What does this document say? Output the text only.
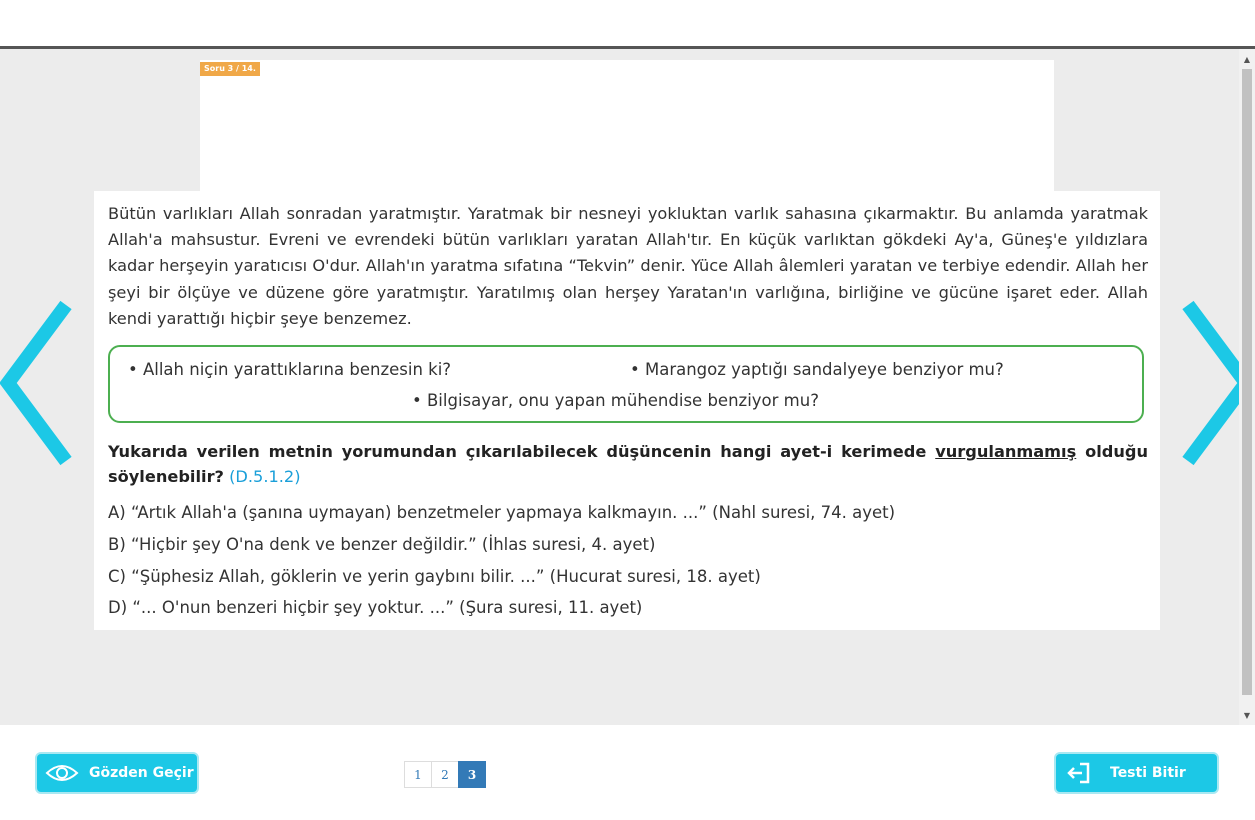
Soru 3 / 14.

Bütün varlıkları Allah sonradan yaratmıştır. Yaratmak bir nesneyi yokluktan varlık sahasına çıkarmaktır. Bu anlamda yaratmak Allah'a mahsustur. Evreni ve evrendeki bütün varlıkları yaratan Allah'tır. En küçük varlıktan gökdeki Ay'a, Güneş'e yıldızlara kadar herşeyin yaratıcısı O'dur. Allah'ın yaratma sıfatına “Tekvin” denir. Yüce Allah âlemleri yaratan ve terbiye edendir. Allah her şeyi bir ölçüye ve düzene göre yaratmıştır. Yaratılmış olan herşey Yaratan'ın varlığına, birliğine ve gücüne işaret eder. Allah kendi yarattığı hiçbir şeye benzemez.

• Allah niçin yarattıklarına benzesin ki?	• Marangoz yaptığı sandalyeye benziyor mu?
• Bilgisayar, onu yapan mühendise benziyor mu?

Yukarıda verilen metnin yorumundan çıkarılabilecek düşüncenin hangi ayet-i kerimede vurgulanmamış olduğu söylenebilir? (D.5.1.2)

A) “Artık Allah'a (şanına uymayan) benzetmeler yapmaya kalkmayın. ...” (Nahl suresi, 74. ayet)
B) “Hiçbir şey O'na denk ve benzer değildir.” (İhlas suresi, 4. ayet)
C) “Şüphesiz Allah, göklerin ve yerin gaybını bilir. ...” (Hucurat suresi, 18. ayet)
D) “... O'nun benzeri hiçbir şey yoktur. ...” (Şura suresi, 11. ayet)
▲
▼
Gözden Geçir	1	2	3	Testi Bitir
